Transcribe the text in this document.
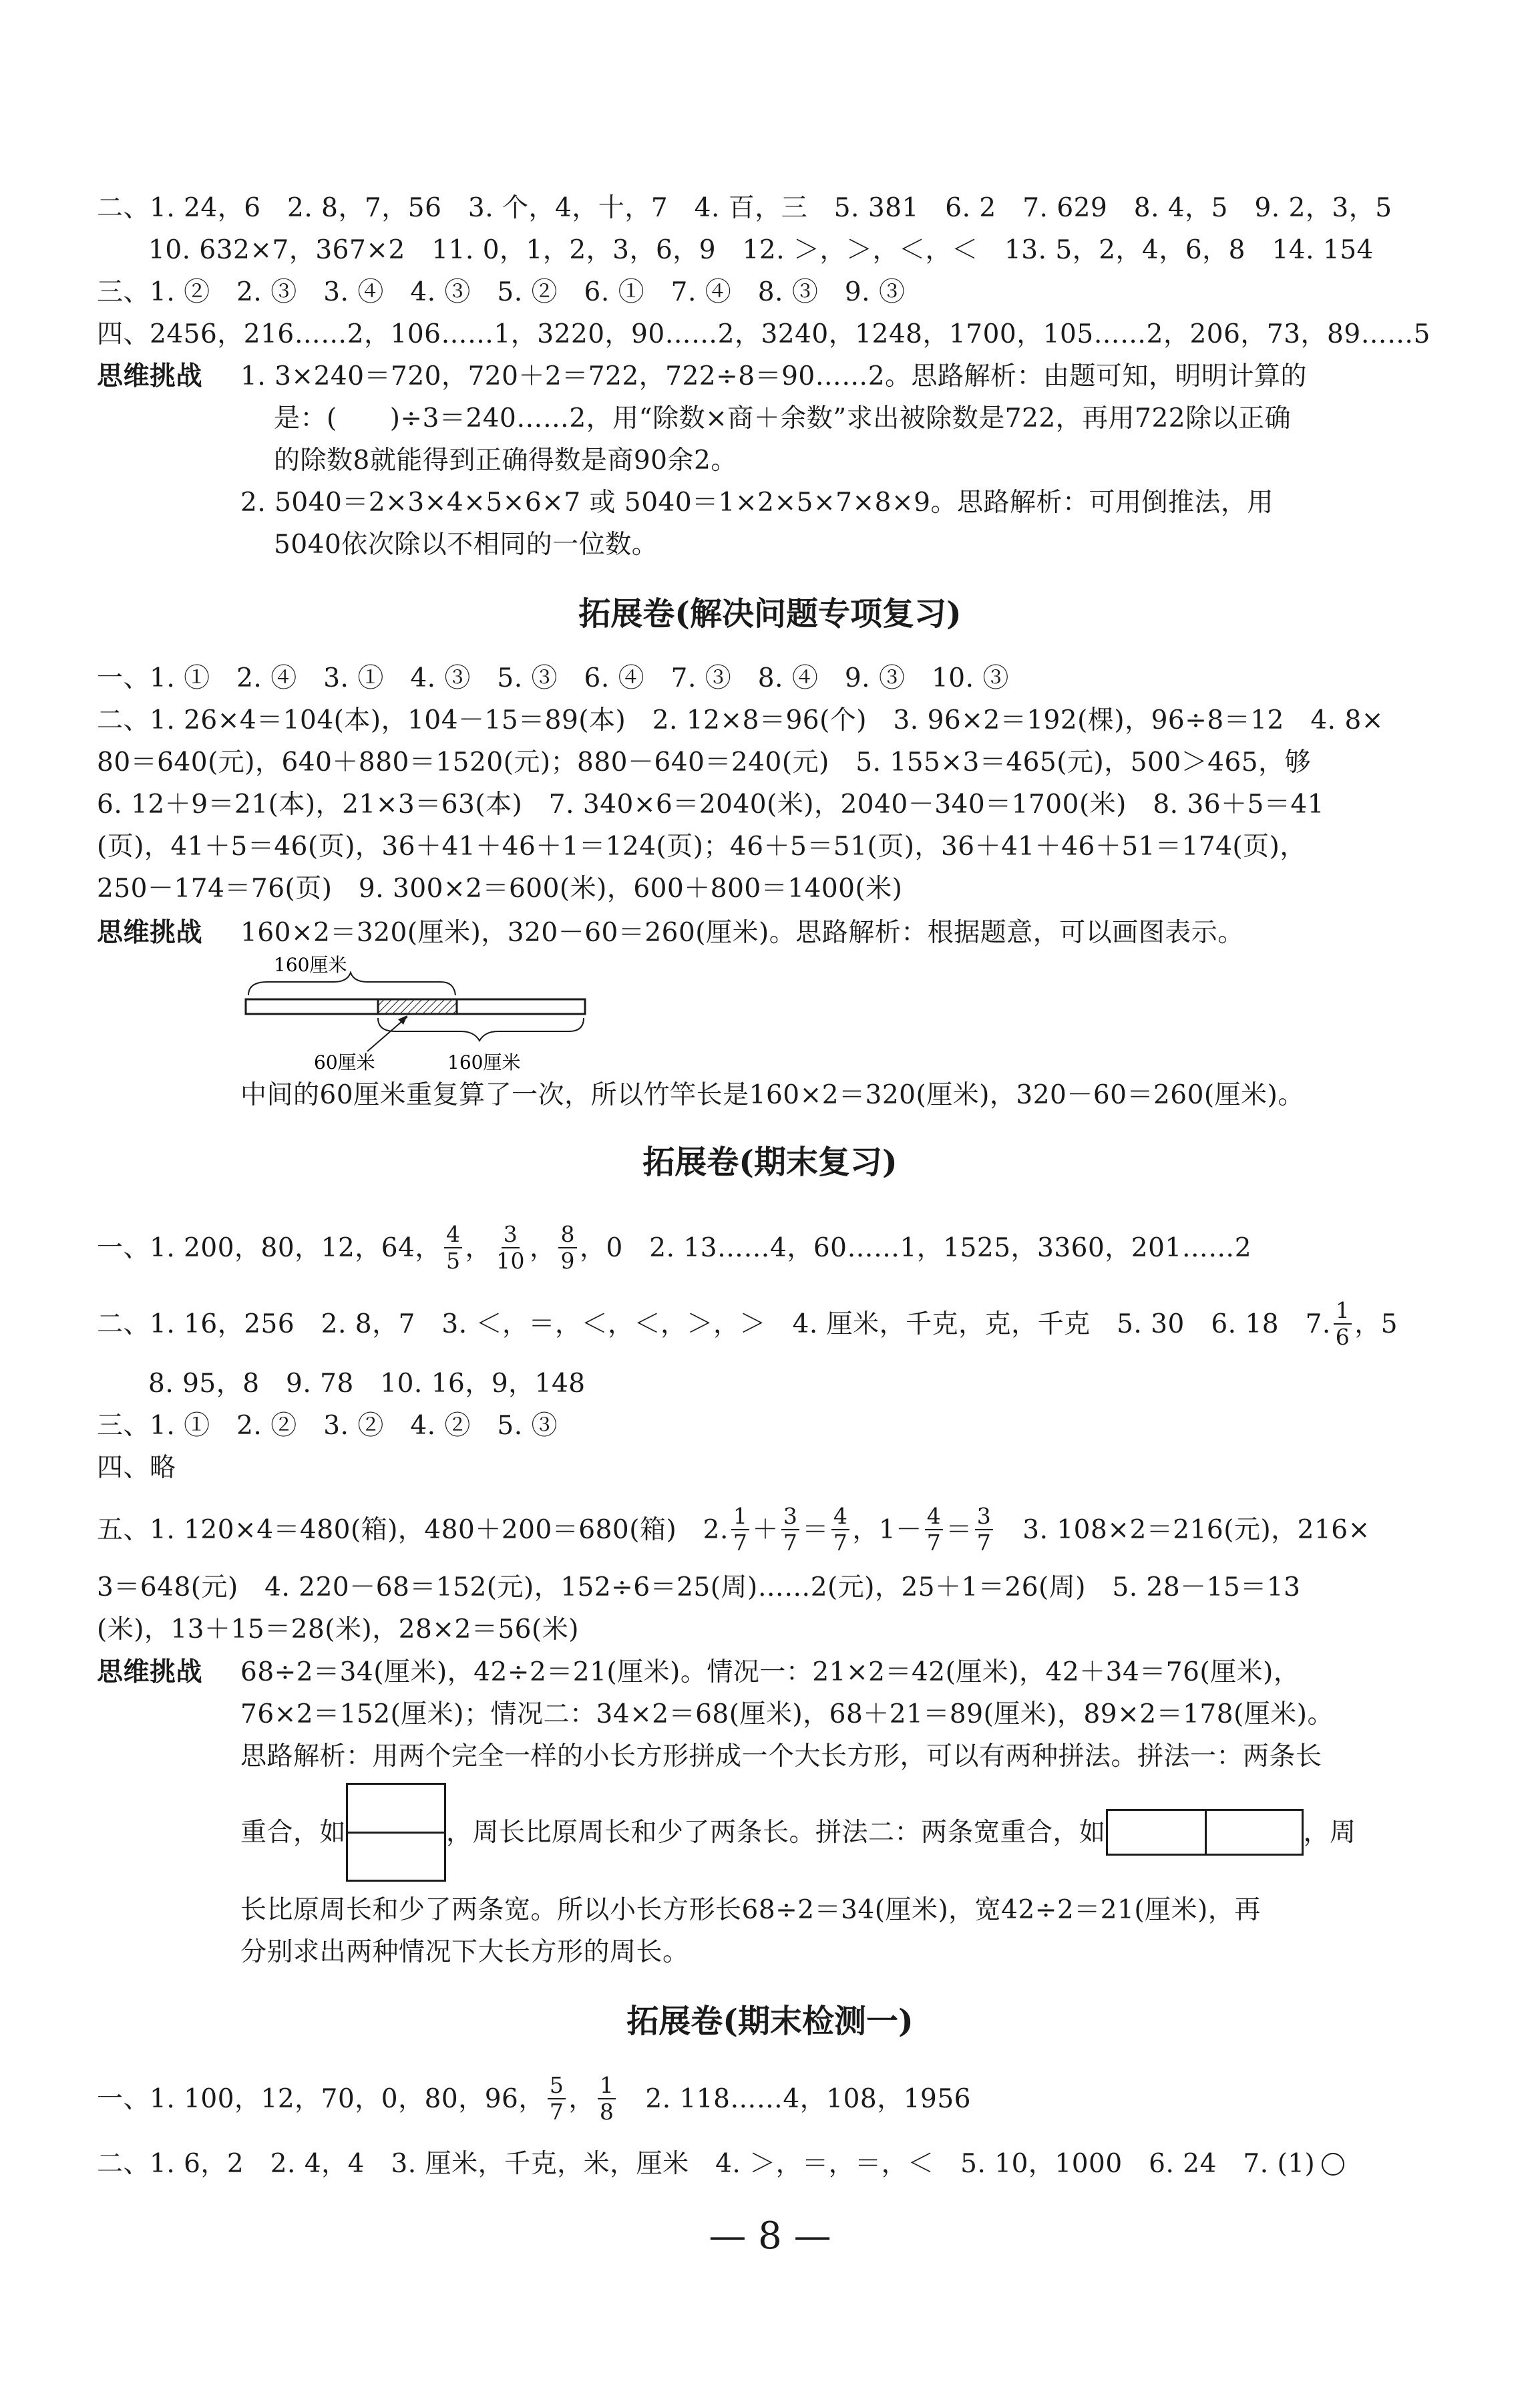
二、1. 24，6　2. 8，7，56　3. 个，4，十，7　4. 百，三　5. 381　6. 2　7. 629　8. 4，5　9. 2，3，5
10. 632×7，367×2　11. 0，1，2，3，6，9　12. ＞，＞，＜，＜　13. 5，2，4，6，8　14. 154
三、1. ②　2. ③　3. ④　4. ③　5. ②　6. ①　7. ④　8. ③　9. ③
四、2456，216……2，106……1，3220，90……2，3240，1248，1700，105……2，206，73，89……5
思维挑战 1. 3×240＝720，720＋2＝722，722÷8＝90……2。思路解析：由题可知，明明计算的
是：(　　)÷3＝240……2，用“除数×商＋余数”求出被除数是722，再用722除以正确
的除数8就能得到正确得数是商90余2。
2. 5040＝2×3×4×5×6×7 或 5040＝1×2×5×7×8×9。思路解析：可用倒推法，用
5040依次除以不相同的一位数。
拓展卷(解决问题专项复习)
一、1. ①　2. ④　3. ①　4. ③　5. ③　6. ④　7. ③　8. ④　9. ③　10. ③
二、1. 26×4＝104(本)，104－15＝89(本)　2. 12×8＝96(个)　3. 96×2＝192(棵)，96÷8＝12　4. 8×
80＝640(元)，640＋880＝1520(元)；880－640＝240(元)　5. 155×3＝465(元)，500＞465，够
6. 12＋9＝21(本)，21×3＝63(本)　7. 340×6＝2040(米)，2040－340＝1700(米)　8. 36＋5＝41
(页)，41＋5＝46(页)，36＋41＋46＋1＝124(页)；46＋5＝51(页)，36＋41＋46＋51＝174(页)，
250－174＝76(页)　9. 300×2＝600(米)，600＋800＝1400(米)
思维挑战 160×2＝320(厘米)，320－60＝260(厘米)。思路解析：根据题意，可以画图表示。
160厘米
60厘米	160厘米
中间的60厘米重复算了一次，所以竹竿长是160×2＝320(厘米)，320－60＝260(厘米)。
拓展卷(期末复习)
一、1. 200，80，12，64， $\frac{4}{5}$ ， $\frac{3}{10}$ ， $\frac{8}{9}$ ，0　2. 13……4，60……1，1525，3360，201……2
二、1. 16，256　2. 8，7　3. ＜，＝，＜，＜，＞，＞　4. 厘米，千克，克，千克　5. 30　6. 18　7. $\frac{1}{6}$ ，5
8. 95，8　9. 78　10. 16，9，148
三、1. ①　2. ②　3. ②　4. ②　5. ③
四、略
五、1. 120×4＝480(箱)，480＋200＝680(箱)　2. $\frac{1}{7} + \frac{3}{7} = \frac{4}{7}$ ，$1- \frac{4}{7} = \frac{3}{7} 3$. 108×2＝216(元)，216×
3＝648(元)　4. 220－68＝152(元)，152÷6＝25(周)……2(元)，25＋1＝26(周)　5. 28－15＝13
(米)，13＋15＝28(米)，28×2＝56(米)
思维挑战 68÷2＝34(厘米)，42÷2＝21(厘米)。情况一：21×2＝42(厘米)，42＋34＝76(厘米)，
76×2＝152(厘米)；情况二：34×2＝68(厘米)，68＋21＝89(厘米)，89×2＝178(厘米)。
思路解析：用两个完全一样的小长方形拼成一个大长方形，可以有两种拼法。拼法一：两条长
重合，如	，周长比原周长和少了两条长。拼法二：两条宽重合，如	，周
长比原周长和少了两条宽。所以小长方形长68÷2＝34(厘米)，宽42÷2＝21(厘米)，再
分别求出两种情况下大长方形的周长。
拓展卷(期末检测一)
一、1. 100，12，70，0，80，96， $\frac{5}{7}$ ， $\frac{1}{8} 2$. 118……4，108，1956
二、1. 6，2　2. 4，4　3. 厘米，千克，米，厘米　4. ＞，＝，＝，＜　5. 10，1000　6. 24　7. (1)
— 8 —
